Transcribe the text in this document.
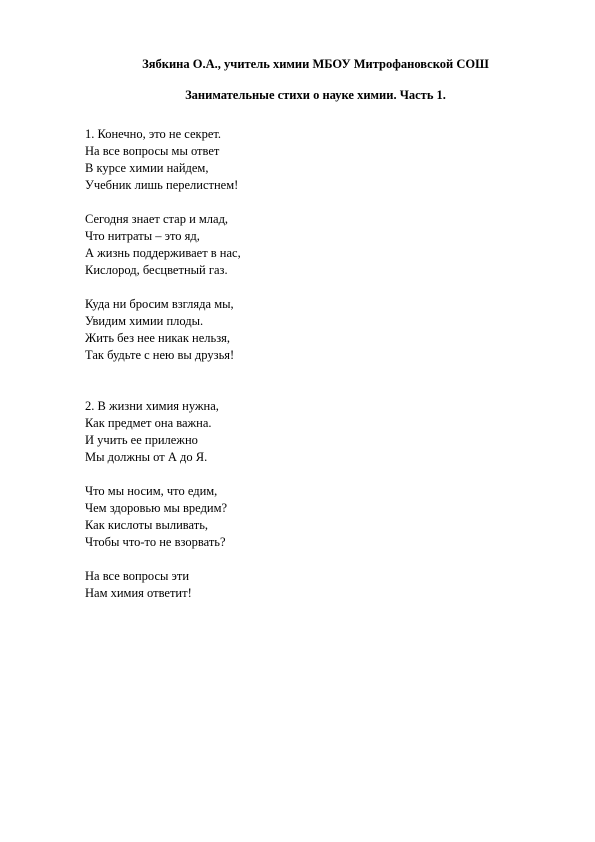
Зябкина О.А., учитель химии МБОУ Митрофановской СОШ
Занимательные стихи о науке химии. Часть 1.
1. Конечно, это не секрет.
На все вопросы мы ответ
В курсе химии найдем,
Учебник лишь перелистнем!
Сегодня знает стар и млад,
Что нитраты – это яд,
А жизнь поддерживает в нас,
Кислород, бесцветный газ.
Куда ни бросим взгляда мы,
Увидим химии плоды.
Жить без нее никак нельзя,
Так будьте с нею вы друзья!
2. В жизни химия нужна,
Как предмет она важна.
И учить ее прилежно
Мы должны от А до Я.
Что мы носим, что едим,
Чем здоровью мы вредим?
Как кислоты выливать,
Чтобы что-то не взорвать?
На все вопросы эти
Нам химия ответит!
